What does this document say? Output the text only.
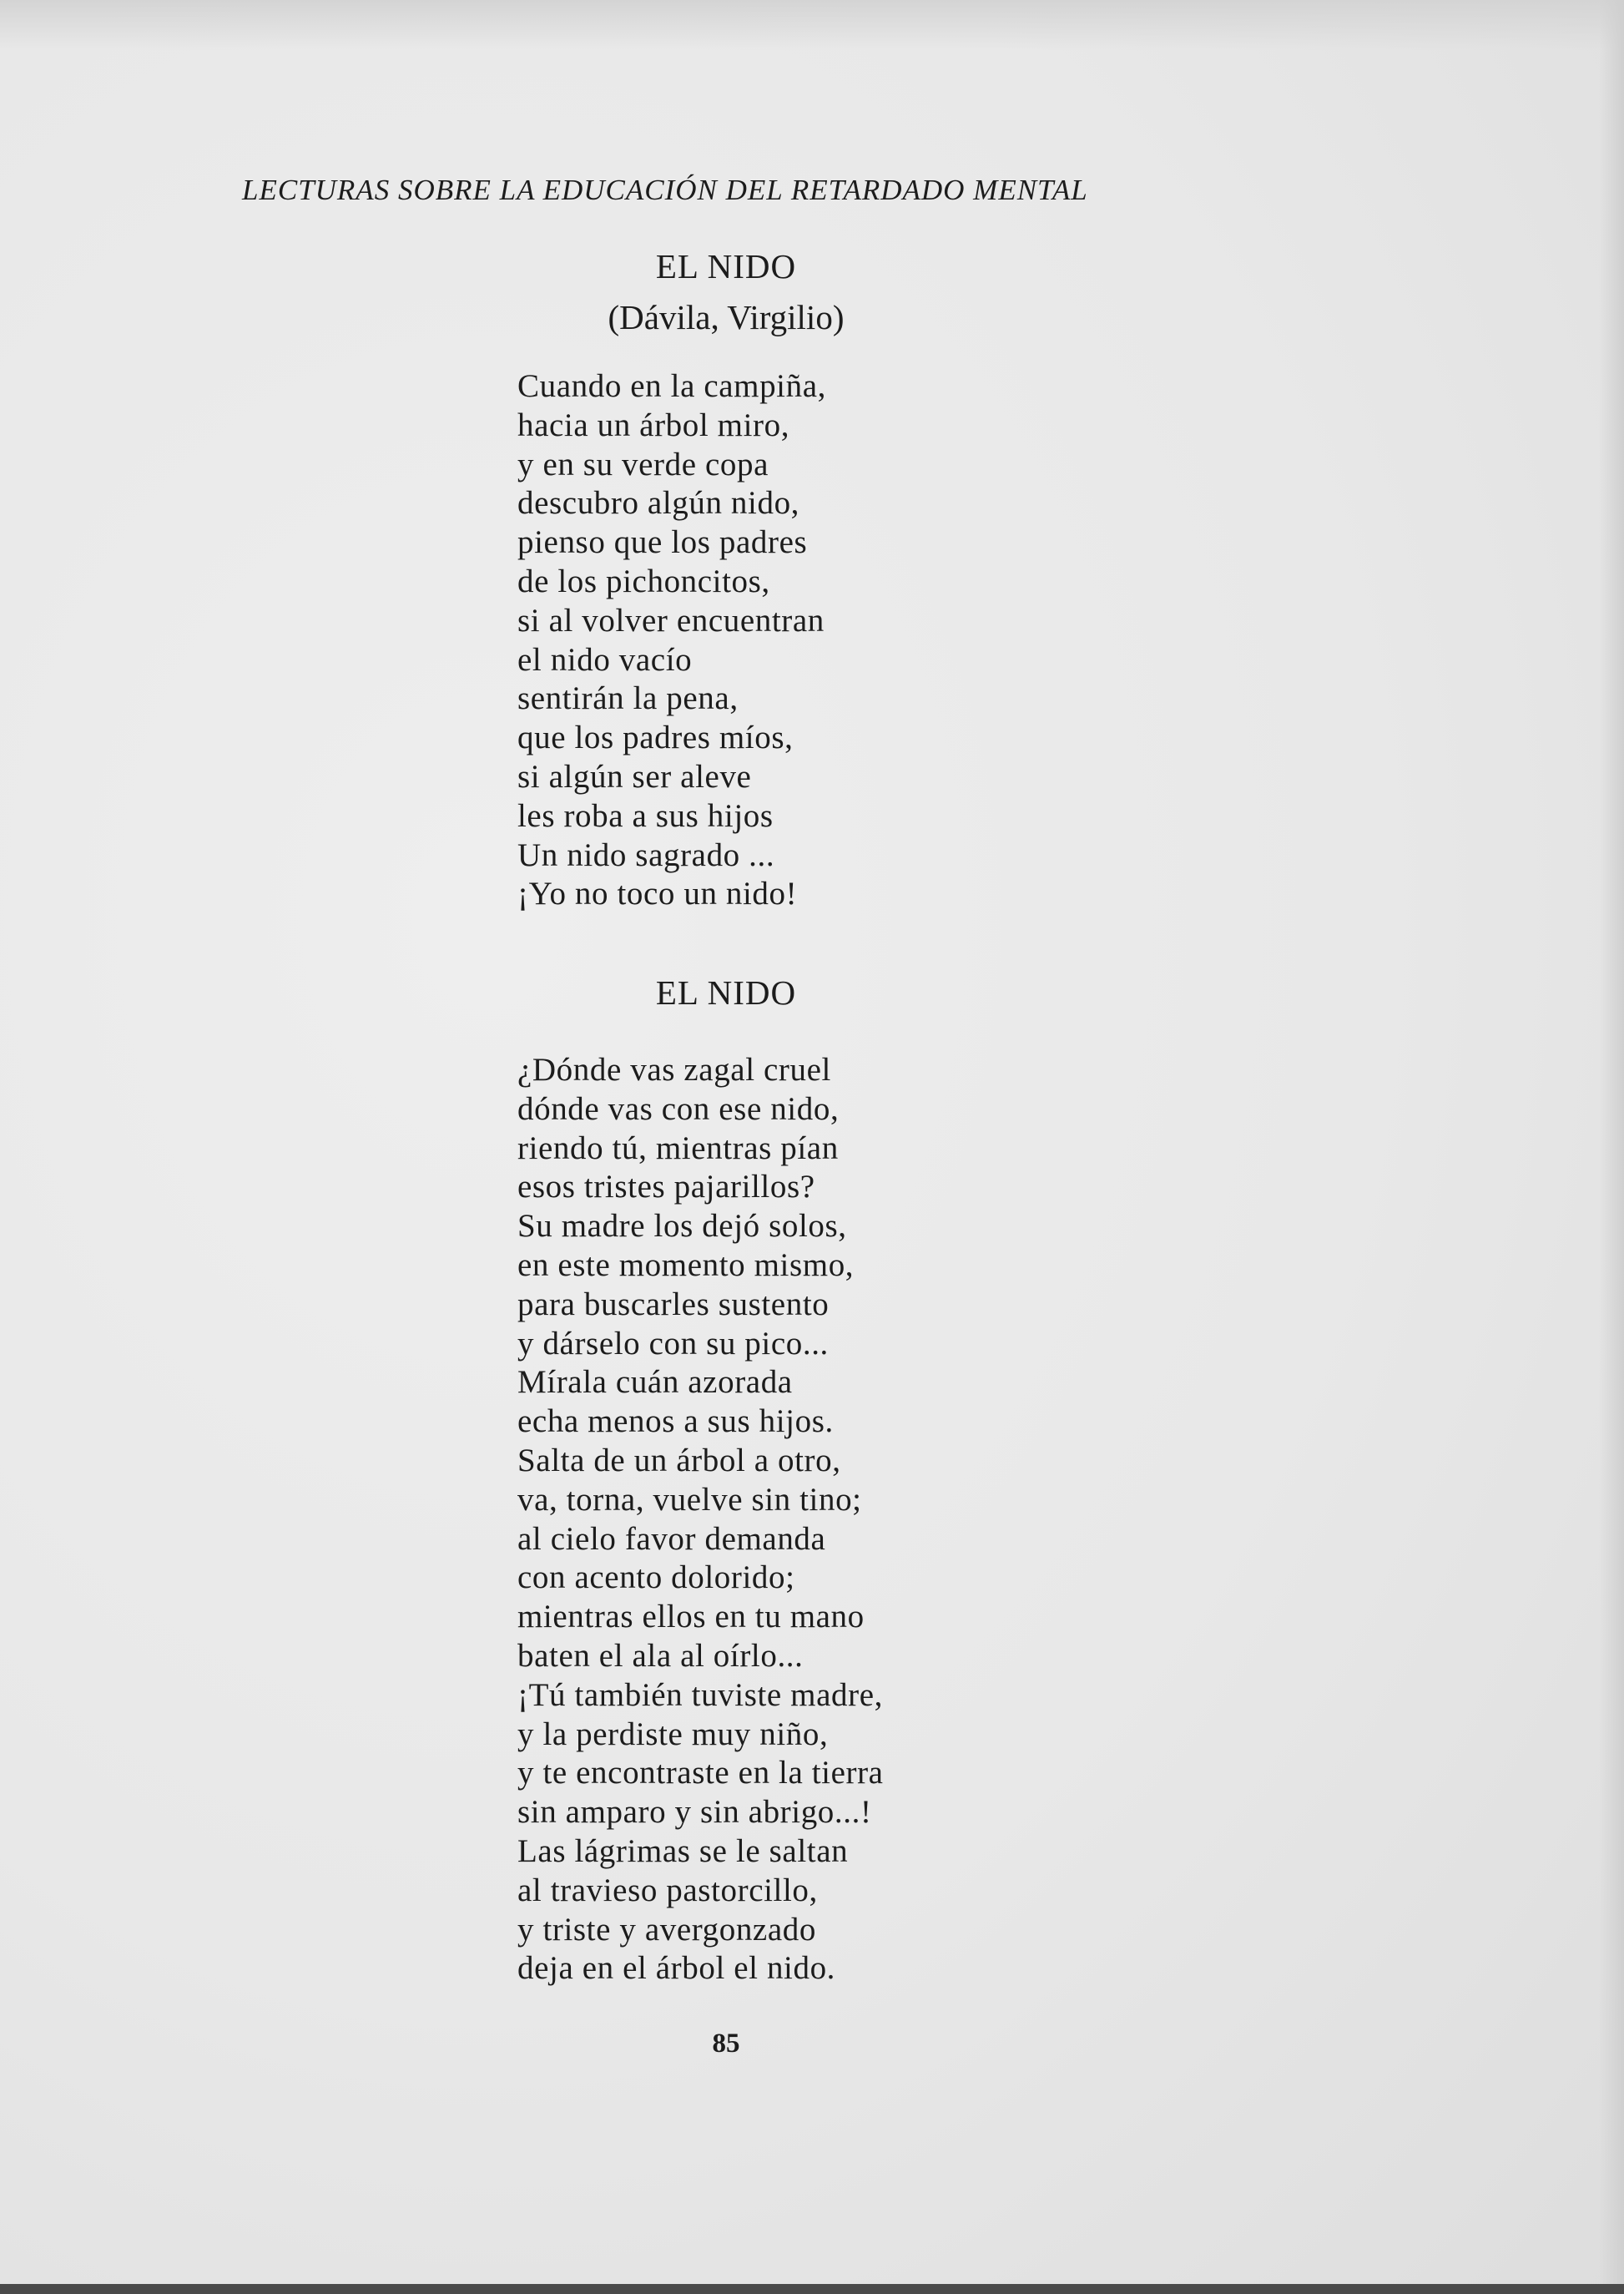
LECTURAS SOBRE LA EDUCACIÓN DEL RETARDADO MENTAL
EL NIDO

(Dávila, Virgilio)

Cuando en la campiña,
hacia un árbol miro,
y en su verde copa
descubro algún nido,
pienso que los padres
de los pichoncitos,
si al volver encuentran
el nido vacío
sentirán la pena,
que los padres míos,
si algún ser aleve
les roba a sus hijos
Un nido sagrado ...
¡Yo no toco un nido!
EL NIDO
¿Dónde vas zagal cruel
dónde vas con ese nido,
riendo tú, mientras pían
esos tristes pajarillos?
Su madre los dejó solos,
en este momento mismo,
para buscarles sustento
y dárselo con su pico...
Mírala cuán azorada
echa menos a sus hijos.
Salta de un árbol a otro,
va, torna, vuelve sin tino;
al cielo favor demanda
con acento dolorido;
mientras ellos en tu mano
baten el ala al oírlo...
¡Tú también tuviste madre,
y la perdiste muy niño,
y te encontraste en la tierra
sin amparo y sin abrigo...!
Las lágrimas se le saltan
al travieso pastorcillo,
y triste y avergonzado
deja en el árbol el nido.

85
